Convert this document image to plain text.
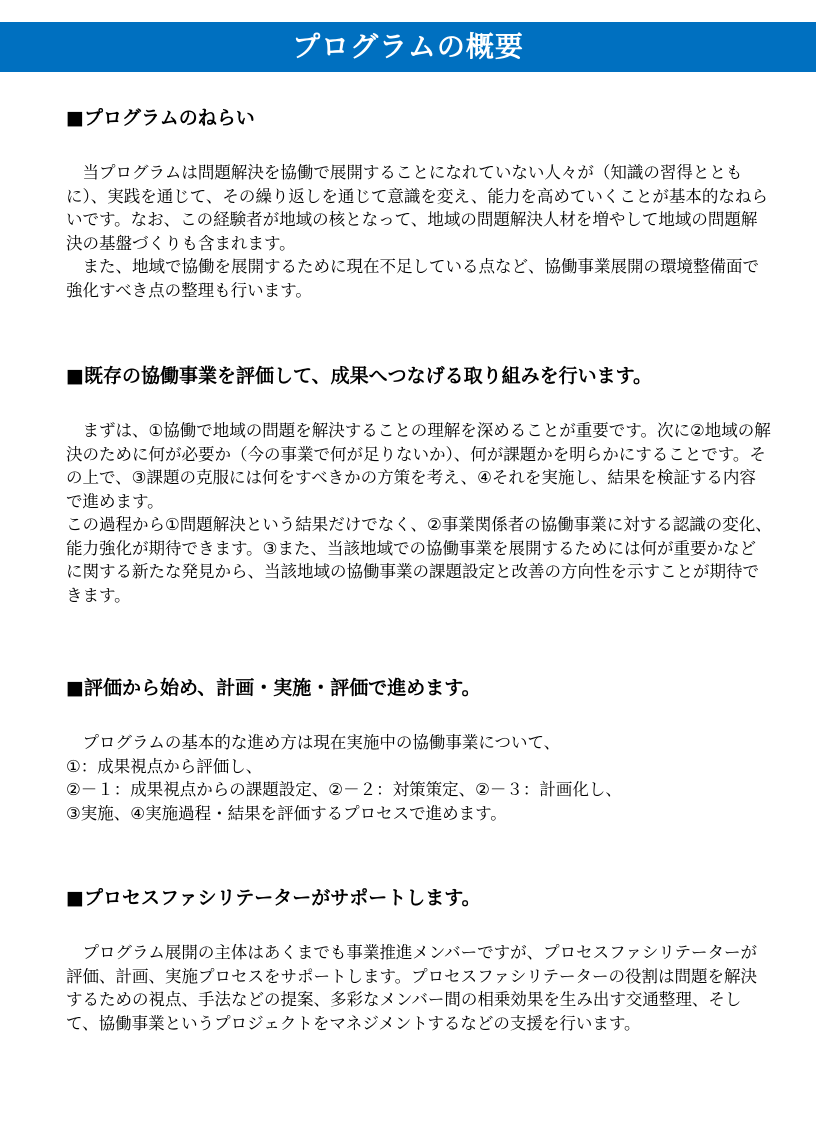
プログラムの概要
■プログラムのねらい

当プログラムは問題解決を協働で展開することになれていない人々が（知識の習得とともに）、実践を通じて、その繰り返しを通じて意識を変え、能力を高めていくことが基本的なねらいです。なお、この経験者が地域の核となって、地域の問題解決人材を増やして地域の問題解決の基盤づくりも含まれます。

また、地域で協働を展開するために現在不足している点など、協働事業展開の環境整備面で強化すべき点の整理も行います。

■既存の協働事業を評価して、成果へつなげる取り組みを行います。

まずは、①協働で地域の問題を解決することの理解を深めることが重要です。次に②地域の解決のために何が必要か（今の事業で何が足りないか）、何が課題かを明らかにすることです。その上で、③課題の克服には何をすべきかの方策を考え、④それを実施し、結果を検証する内容で進めます。

この過程から①問題解決という結果だけでなく、②事業関係者の協働事業に対する認識の変化、能力強化が期待できます。③また、当該地域での協働事業を展開するためには何が重要かなどに関する新たな発見から、当該地域の協働事業の課題設定と改善の方向性を示すことが期待できます。

■評価から始め、計画・実施・評価で進めます。

プログラムの基本的な進め方は現在実施中の協働事業について、

①：成果視点から評価し、

②－１：成果視点からの課題設定、②－２：対策策定、②－３：計画化し、

③実施、④実施過程・結果を評価するプロセスで進めます。

■プロセスファシリテーターがサポートします。

プログラム展開の主体はあくまでも事業推進メンバーですが、プロセスファシリテーターが評価、計画、実施プロセスをサポートします。プロセスファシリテーターの役割は問題を解決するための視点、手法などの提案、多彩なメンバー間の相乗効果を生み出す交通整理、そして、協働事業というプロジェクトをマネジメントするなどの支援を行います。
